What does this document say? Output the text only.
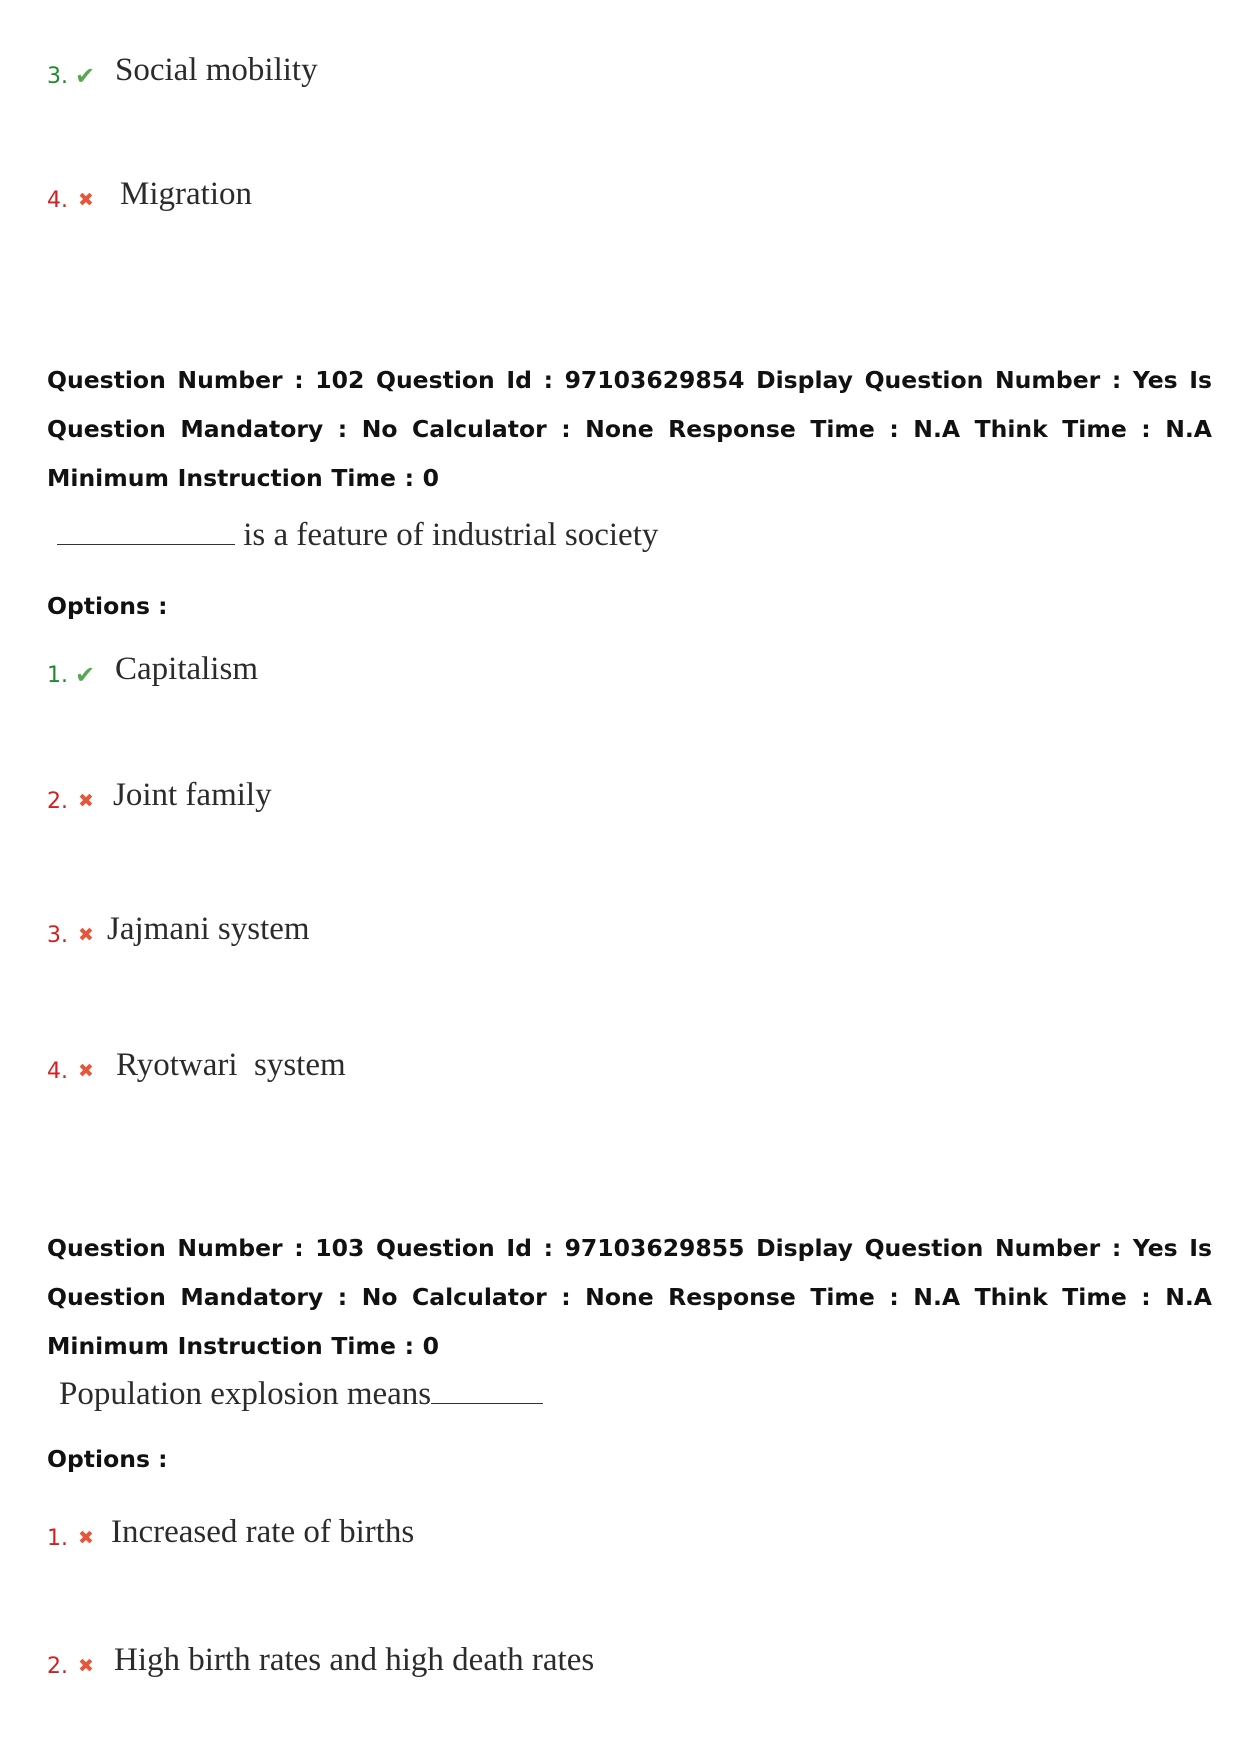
3. ✔ Social mobility
4. ✖ Migration
Question Number : 102 Question Id : 97103629854 Display Question Number : Yes Is Question Mandatory : No Calculator : None Response Time : N.A Think Time : N.A Minimum Instruction Time : 0
is a feature of industrial society
Options :
1. ✔ Capitalism
2. ✖ Joint family
3. ✖ Jajmani system
4. ✖ Ryotwari  system
Question Number : 103 Question Id : 97103629855 Display Question Number : Yes Is Question Mandatory : No Calculator : None Response Time : N.A Think Time : N.A Minimum Instruction Time : 0
Population explosion means
Options :
1. ✖ Increased rate of births
2. ✖ High birth rates and high death rates
